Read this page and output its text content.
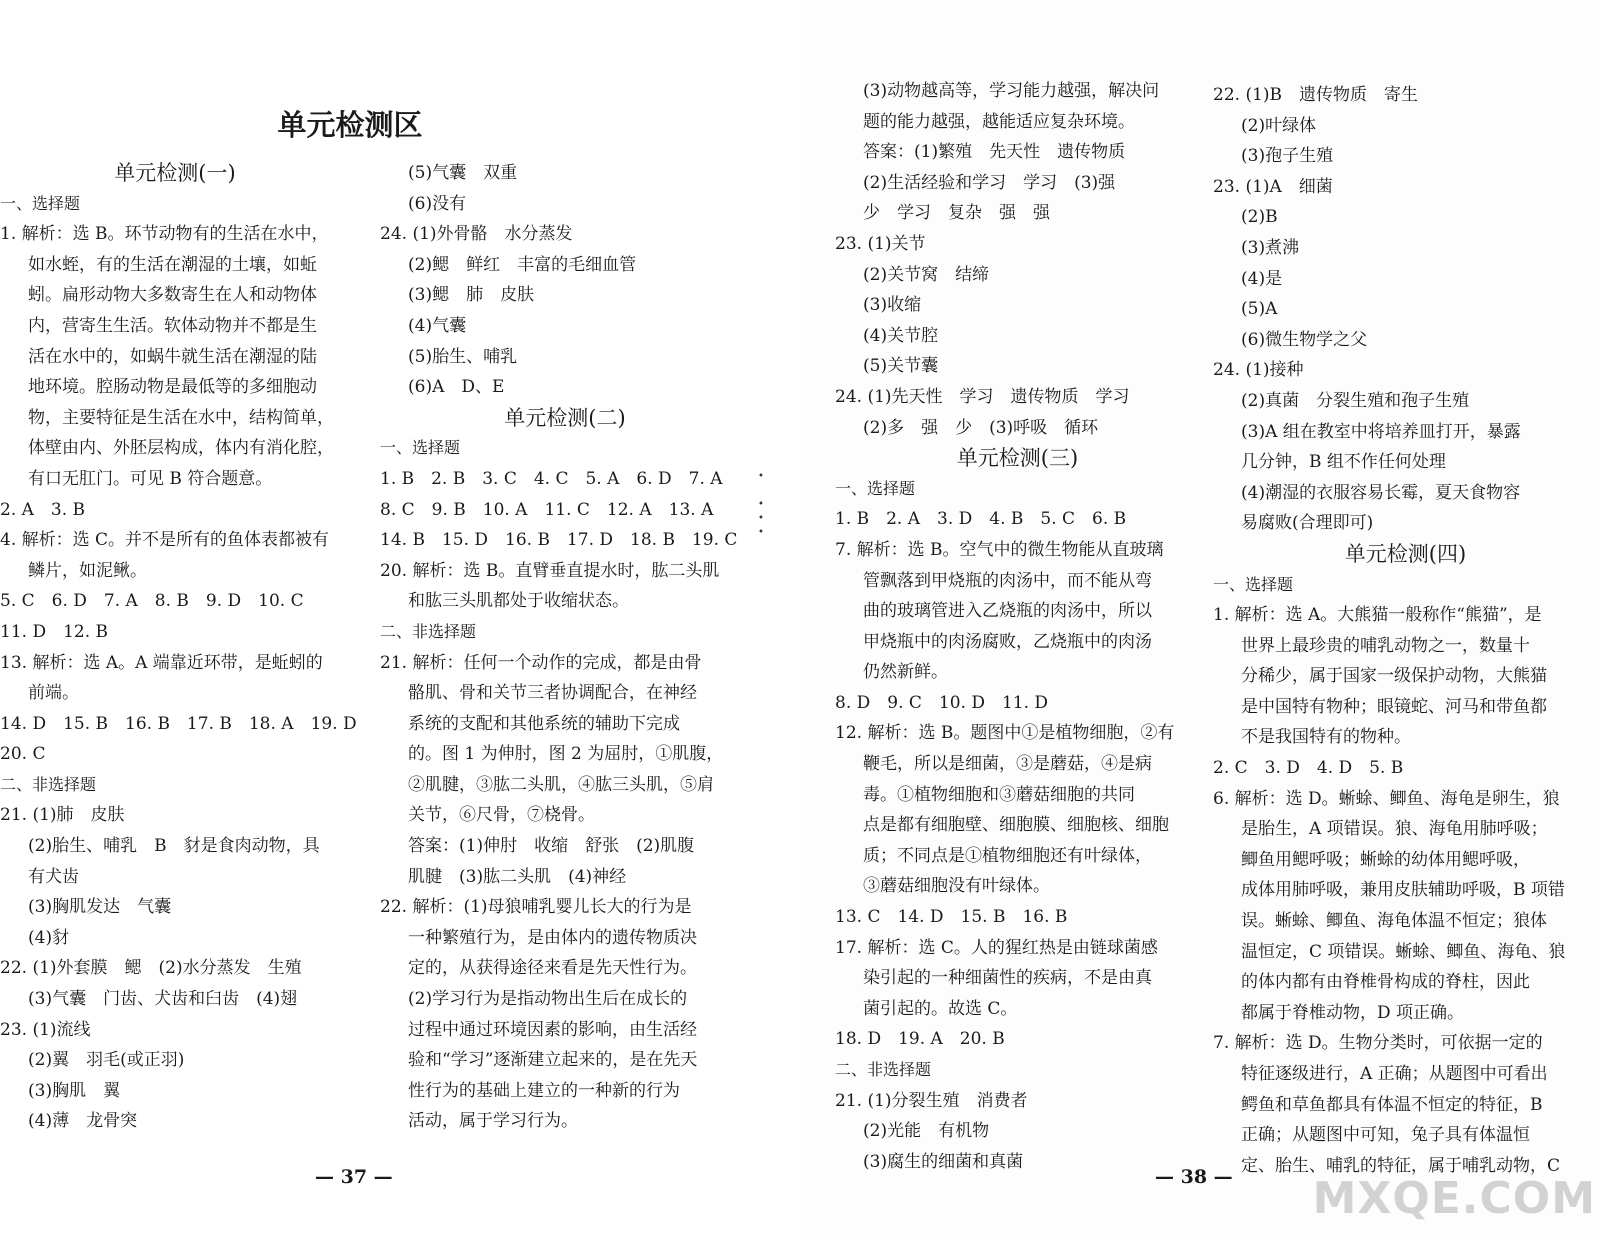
单元检测区
单元检测(一)
一、选择题
1. 解析：选 B。环节动物有的生活在水中，
如水蛭，有的生活在潮湿的土壤，如蚯
蚓。扁形动物大多数寄生在人和动物体
内，营寄生生活。软体动物并不都是生
活在水中的，如蜗牛就生活在潮湿的陆
地环境。腔肠动物是最低等的多细胞动
物，主要特征是生活在水中，结构简单，
体壁由内、外胚层构成，体内有消化腔，
有口无肛门。可见 B 符合题意。
2. A　3. B
4. 解析：选 C。并不是所有的鱼体表都被有
鳞片，如泥鳅。
5. C　6. D　7. A　8. B　9. D　10. C
11. D　12. B
13. 解析：选 A。A 端靠近环带，是蚯蚓的
前端。
14. D　15. B　16. B　17. B　18. A　19. D
20. C
二、非选择题
21. (1)肺　皮肤
(2)胎生、哺乳　B　豺是食肉动物，具
有犬齿
(3)胸肌发达　气囊
(4)豺
22. (1)外套膜　鳃　(2)水分蒸发　生殖
(3)气囊　门齿、犬齿和臼齿　(4)翅
23. (1)流线
(2)翼　羽毛(或正羽)
(3)胸肌　翼
(4)薄　龙骨突
(5)气囊　双重
(6)没有
24. (1)外骨骼　水分蒸发
(2)鳃　鲜红　丰富的毛细血管
(3)鳃　肺　皮肤
(4)气囊
(5)胎生、哺乳
(6)A　D、E
单元检测(二)
一、选择题
1. B　2. B　3. C　4. C　5. A　6. D　7. A
8. C　9. B　10. A　11. C　12. A　13. A
14. B　15. D　16. B　17. D　18. B　19. C
20. 解析：选 B。直臂垂直提水时，肱二头肌
和肱三头肌都处于收缩状态。
二、非选择题
21. 解析：任何一个动作的完成，都是由骨
骼肌、骨和关节三者协调配合，在神经
系统的支配和其他系统的辅助下完成
的。图 1 为伸肘，图 2 为屈肘，①肌腹，
②肌腱，③肱二头肌，④肱三头肌，⑤肩
关节，⑥尺骨，⑦桡骨。
答案：(1)伸肘　收缩　舒张　(2)肌腹
肌腱　(3)肱二头肌　(4)神经
22. 解析：(1)母狼哺乳婴儿长大的行为是
一种繁殖行为，是由体内的遗传物质决
定的，从获得途径来看是先天性行为。
(2)学习行为是指动物出生后在成长的
过程中通过环境因素的影响，由生活经
验和“学习”逐渐建立起来的，是在先天
性行为的基础上建立的一种新的行为
活动，属于学习行为。
•

•
•
•
— 37 —
(3)动物越高等，学习能力越强，解决问
题的能力越强，越能适应复杂环境。
答案：(1)繁殖　先天性　遗传物质
(2)生活经验和学习　学习　(3)强
少　学习　复杂　强　强
23. (1)关节
(2)关节窝　结缔
(3)收缩
(4)关节腔
(5)关节囊
24. (1)先天性　学习　遗传物质　学习
(2)多　强　少　(3)呼吸　循环
单元检测(三)
一、选择题
1. B　2. A　3. D　4. B　5. C　6. B
7. 解析：选 B。空气中的微生物能从直玻璃
管飘落到甲烧瓶的肉汤中，而不能从弯
曲的玻璃管进入乙烧瓶的肉汤中，所以
甲烧瓶中的肉汤腐败，乙烧瓶中的肉汤
仍然新鲜。
8. D　9. C　10. D　11. D
12. 解析：选 B。题图中①是植物细胞，②有
鞭毛，所以是细菌，③是蘑菇，④是病
毒。①植物细胞和③蘑菇细胞的共同
点是都有细胞壁、细胞膜、细胞核、细胞
质；不同点是①植物细胞还有叶绿体，
③蘑菇细胞没有叶绿体。
13. C　14. D　15. B　16. B
17. 解析：选 C。人的猩红热是由链球菌感
染引起的一种细菌性的疾病，不是由真
菌引起的。故选 C。
18. D　19. A　20. B
二、非选择题
21. (1)分裂生殖　消费者
(2)光能　有机物
(3)腐生的细菌和真菌
22. (1)B　遗传物质　寄生
(2)叶绿体
(3)孢子生殖
23. (1)A　细菌
(2)B
(3)煮沸
(4)是
(5)A
(6)微生物学之父
24. (1)接种
(2)真菌　分裂生殖和孢子生殖
(3)A 组在教室中将培养皿打开，暴露
几分钟，B 组不作任何处理
(4)潮湿的衣服容易长霉，夏天食物容
易腐败(合理即可)
单元检测(四)
一、选择题
1. 解析：选 A。大熊猫一般称作“熊猫”，是
世界上最珍贵的哺乳动物之一，数量十
分稀少，属于国家一级保护动物，大熊猫
是中国特有物种；眼镜蛇、河马和带鱼都
不是我国特有的物种。
2. C　3. D　4. D　5. B
6. 解析：选 D。蜥蜍、鲫鱼、海龟是卵生，狼
是胎生，A 项错误。狼、海龟用肺呼吸；
鲫鱼用鳃呼吸；蜥蜍的幼体用鳃呼吸，
成体用肺呼吸，兼用皮肤辅助呼吸，B 项错
误。蜥蜍、鲫鱼、海龟体温不恒定；狼体
温恒定，C 项错误。蜥蜍、鲫鱼、海龟、狼
的体内都有由脊椎骨构成的脊柱，因此
都属于脊椎动物，D 项正确。
7. 解析：选 D。生物分类时，可依据一定的
特征逐级进行，A 正确；从题图中可看出
鳄鱼和草鱼都具有体温不恒定的特征，B
正确；从题图中可知，兔子具有体温恒
定、胎生、哺乳的特征，属于哺乳动物，C
— 38 — MXQE.COM
